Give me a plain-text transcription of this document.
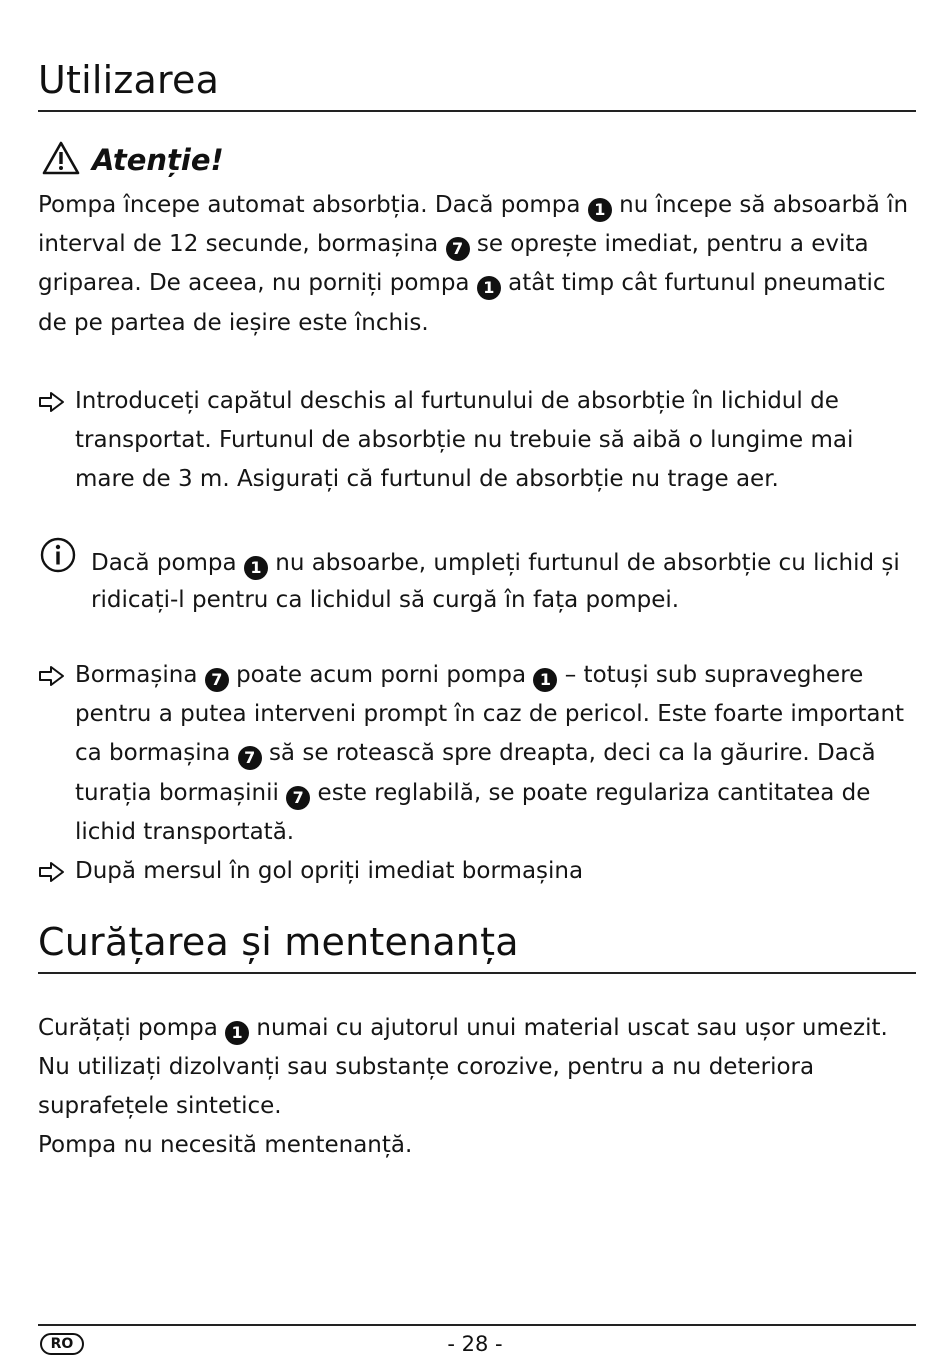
Utilizarea
Atenție!

Pompa începe automat absorbția. Dacă pompa 1 nu începe să absoarbă în interval de 12 secunde, bormașina 7 se oprește imediat, pentru a evita griparea. De aceea, nu porniți pompa 1 atât timp cât furtunul pneumatic de pe partea de ieșire este închis.

Introduceți capătul deschis al furtunului de absorbție în lichidul de transportat. Furtunul de absorbție nu trebuie să aibă o lungime mai mare de 3 m. Asigurați că furtunul de absorbție nu trage aer.

Dacă pompa 1 nu absoarbe, umpleți furtunul de absorbție cu lichid și ridicați-l pentru ca lichidul să curgă în fața pompei.

Bormașina 7 poate acum porni pompa 1 – totuși sub supraveghere pentru a putea interveni prompt în caz de pericol. Este foarte important ca bormașina 7 să se rotească spre dreapta, deci ca la găurire. Dacă turația bormașinii 7 este reglabilă, se poate regulariza cantitatea de lichid transportată.

După mersul în gol opriți imediat bormașina

Curățarea și mentenanța

Curățați pompa 1 numai cu ajutorul unui material uscat sau ușor umezit. Nu utilizați dizolvanți sau substanțe corozive, pentru a nu deteriora suprafețele sintetice.

Pompa nu necesită mentenanță.

RO	- 28 -
